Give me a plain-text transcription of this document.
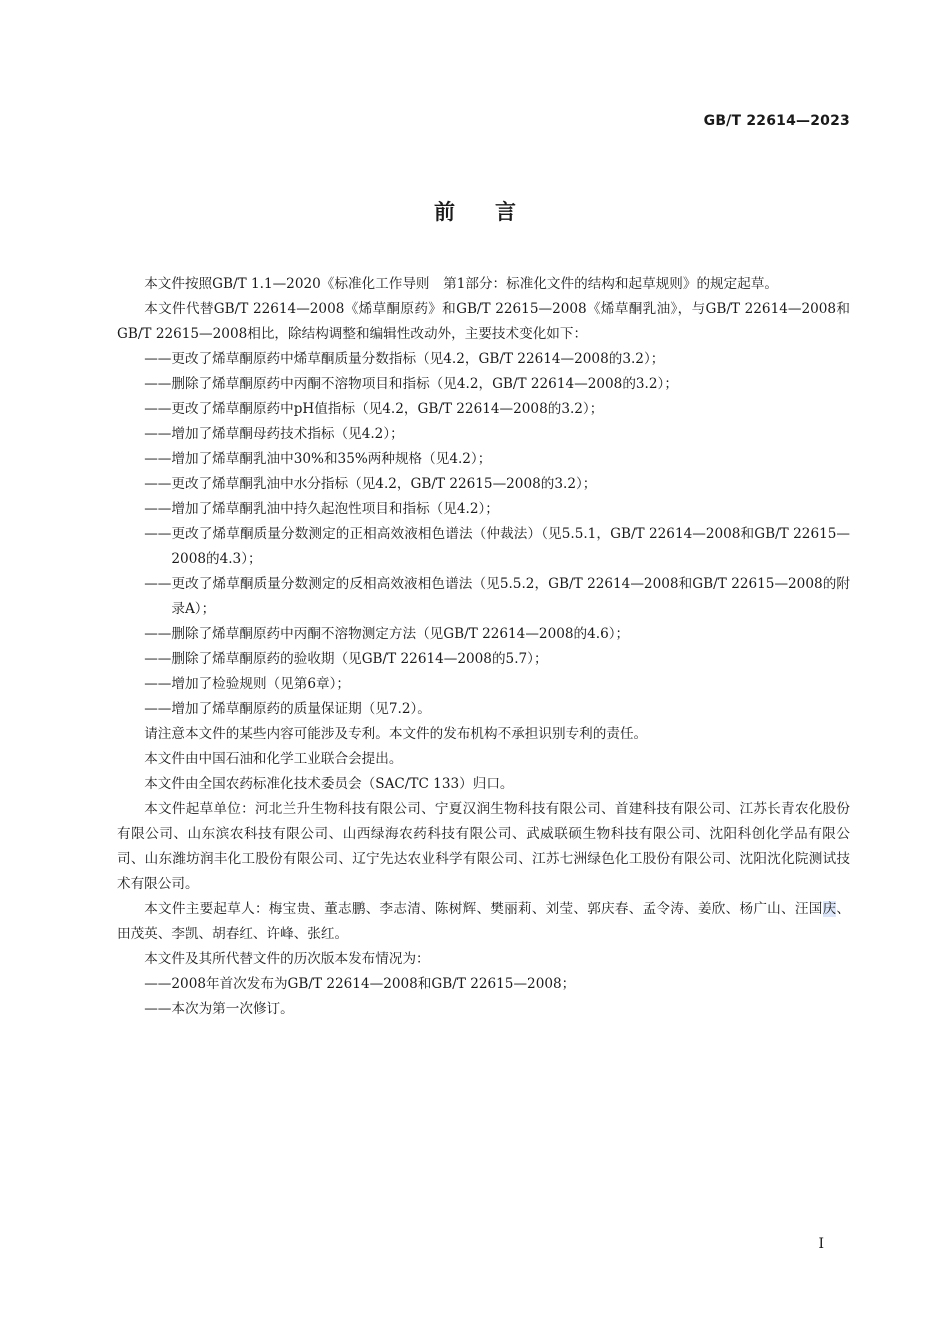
GB/T 22614—2023
前言

本文件按照GB/T 1.1—2020《标准化工作导则　第1部分：标准化文件的结构和起草规则》的规定起草。

本文件代替GB/T 22614—2008《烯草酮原药》和GB/T 22615—2008《烯草酮乳油》，与GB/T 22614—2008和GB/T 22615—2008相比，除结构调整和编辑性改动外，主要技术变化如下：

——更改了烯草酮原药中烯草酮质量分数指标（见4.2，GB/T 22614—2008的3.2）；

——删除了烯草酮原药中丙酮不溶物项目和指标（见4.2，GB/T 22614—2008的3.2）；

——更改了烯草酮原药中pH值指标（见4.2，GB/T 22614—2008的3.2）；

——增加了烯草酮母药技术指标（见4.2）；

——增加了烯草酮乳油中30%和35%两种规格（见4.2）；

——更改了烯草酮乳油中水分指标（见4.2，GB/T 22615—2008的3.2）；

——增加了烯草酮乳油中持久起泡性项目和指标（见4.2）；

——更改了烯草酮质量分数测定的正相高效液相色谱法（仲裁法）（见5.5.1，GB/T 22614—2008和GB/T 22615—2008的4.3）；

——更改了烯草酮质量分数测定的反相高效液相色谱法（见5.5.2，GB/T 22614—2008和GB/T 22615—2008的附录A）；

——删除了烯草酮原药中丙酮不溶物测定方法（见GB/T 22614—2008的4.6）；

——删除了烯草酮原药的验收期（见GB/T 22614—2008的5.7）；

——增加了检验规则（见第6章）；

——增加了烯草酮原药的质量保证期（见7.2）。

请注意本文件的某些内容可能涉及专利。本文件的发布机构不承担识别专利的责任。

本文件由中国石油和化学工业联合会提出。

本文件由全国农药标准化技术委员会（SAC/TC 133）归口。

本文件起草单位：河北兰升生物科技有限公司、宁夏汉润生物科技有限公司、首建科技有限公司、江苏长青农化股份有限公司、山东滨农科技有限公司、山西绿海农药科技有限公司、武威联硕生物科技有限公司、沈阳科创化学品有限公司、山东潍坊润丰化工股份有限公司、辽宁先达农业科学有限公司、江苏七洲绿色化工股份有限公司、沈阳沈化院测试技术有限公司。

本文件主要起草人：梅宝贵、董志鹏、李志清、陈树辉、樊丽莉、刘莹、郭庆春、孟令涛、姜欣、杨广山、汪国庆、田茂英、李凯、胡春红、许峰、张红。

本文件及其所代替文件的历次版本发布情况为：

——2008年首次发布为GB/T 22614—2008和GB/T 22615—2008；

——本次为第一次修订。

I
